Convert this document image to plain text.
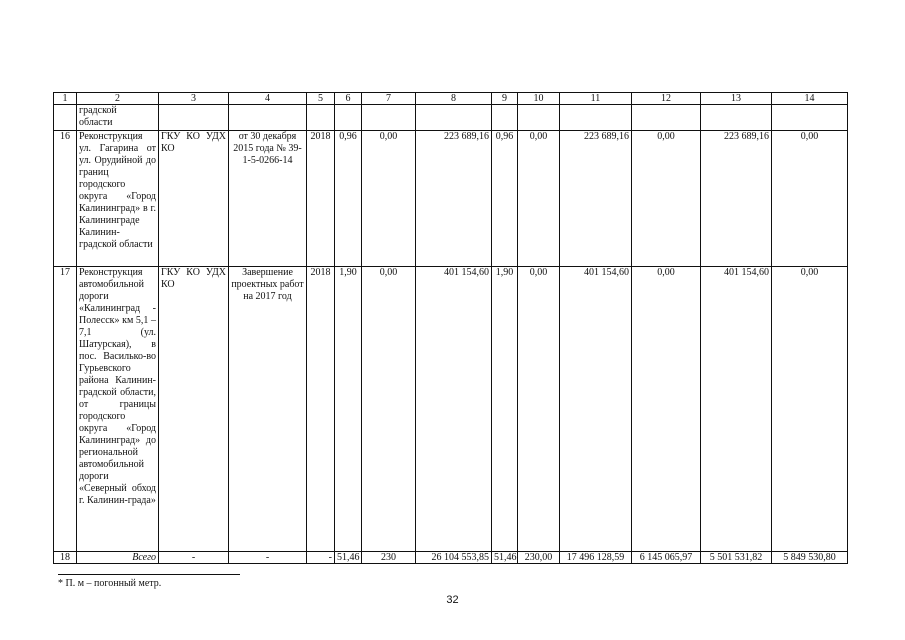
1	2	3	4	5	6	7	8	9	10	11	12	13	14
	градской
области												
16	Реконструкция ул. Гагарина от ул. Орудийной до границ городского округа «Город Калининград» в г. Калининграде Калинин-градской области	ГКУ КО УДХ КО	от 30 декабря 2015 года № 39-1-5-0266-14	2018	0,96	0,00	223 689,16	0,96	0,00	223 689,16	0,00	223 689,16	0,00
17	Реконструкция автомобильной дороги «Калининград - Полесск» км 5,1 – 7,1 (ул. Шатурская), в пос. Василько-во Гурьевского района Калинин-градской области, от границы городского округа «Город Калининград» до региональной автомобильной дороги «Северный обход г. Калинин-града»	ГКУ КО УДХ КО	Завершение проектных работ на 2017 год	2018	1,90	0,00	401 154,60	1,90	0,00	401 154,60	0,00	401 154,60	0,00
18	Всего	-	-	-	51,46	230	26 104 553,85	51,46	230,00	17 496 128,59	6 145 065,97	5 501 531,82	5 849 530,80
* П. м – погонный метр.
32
